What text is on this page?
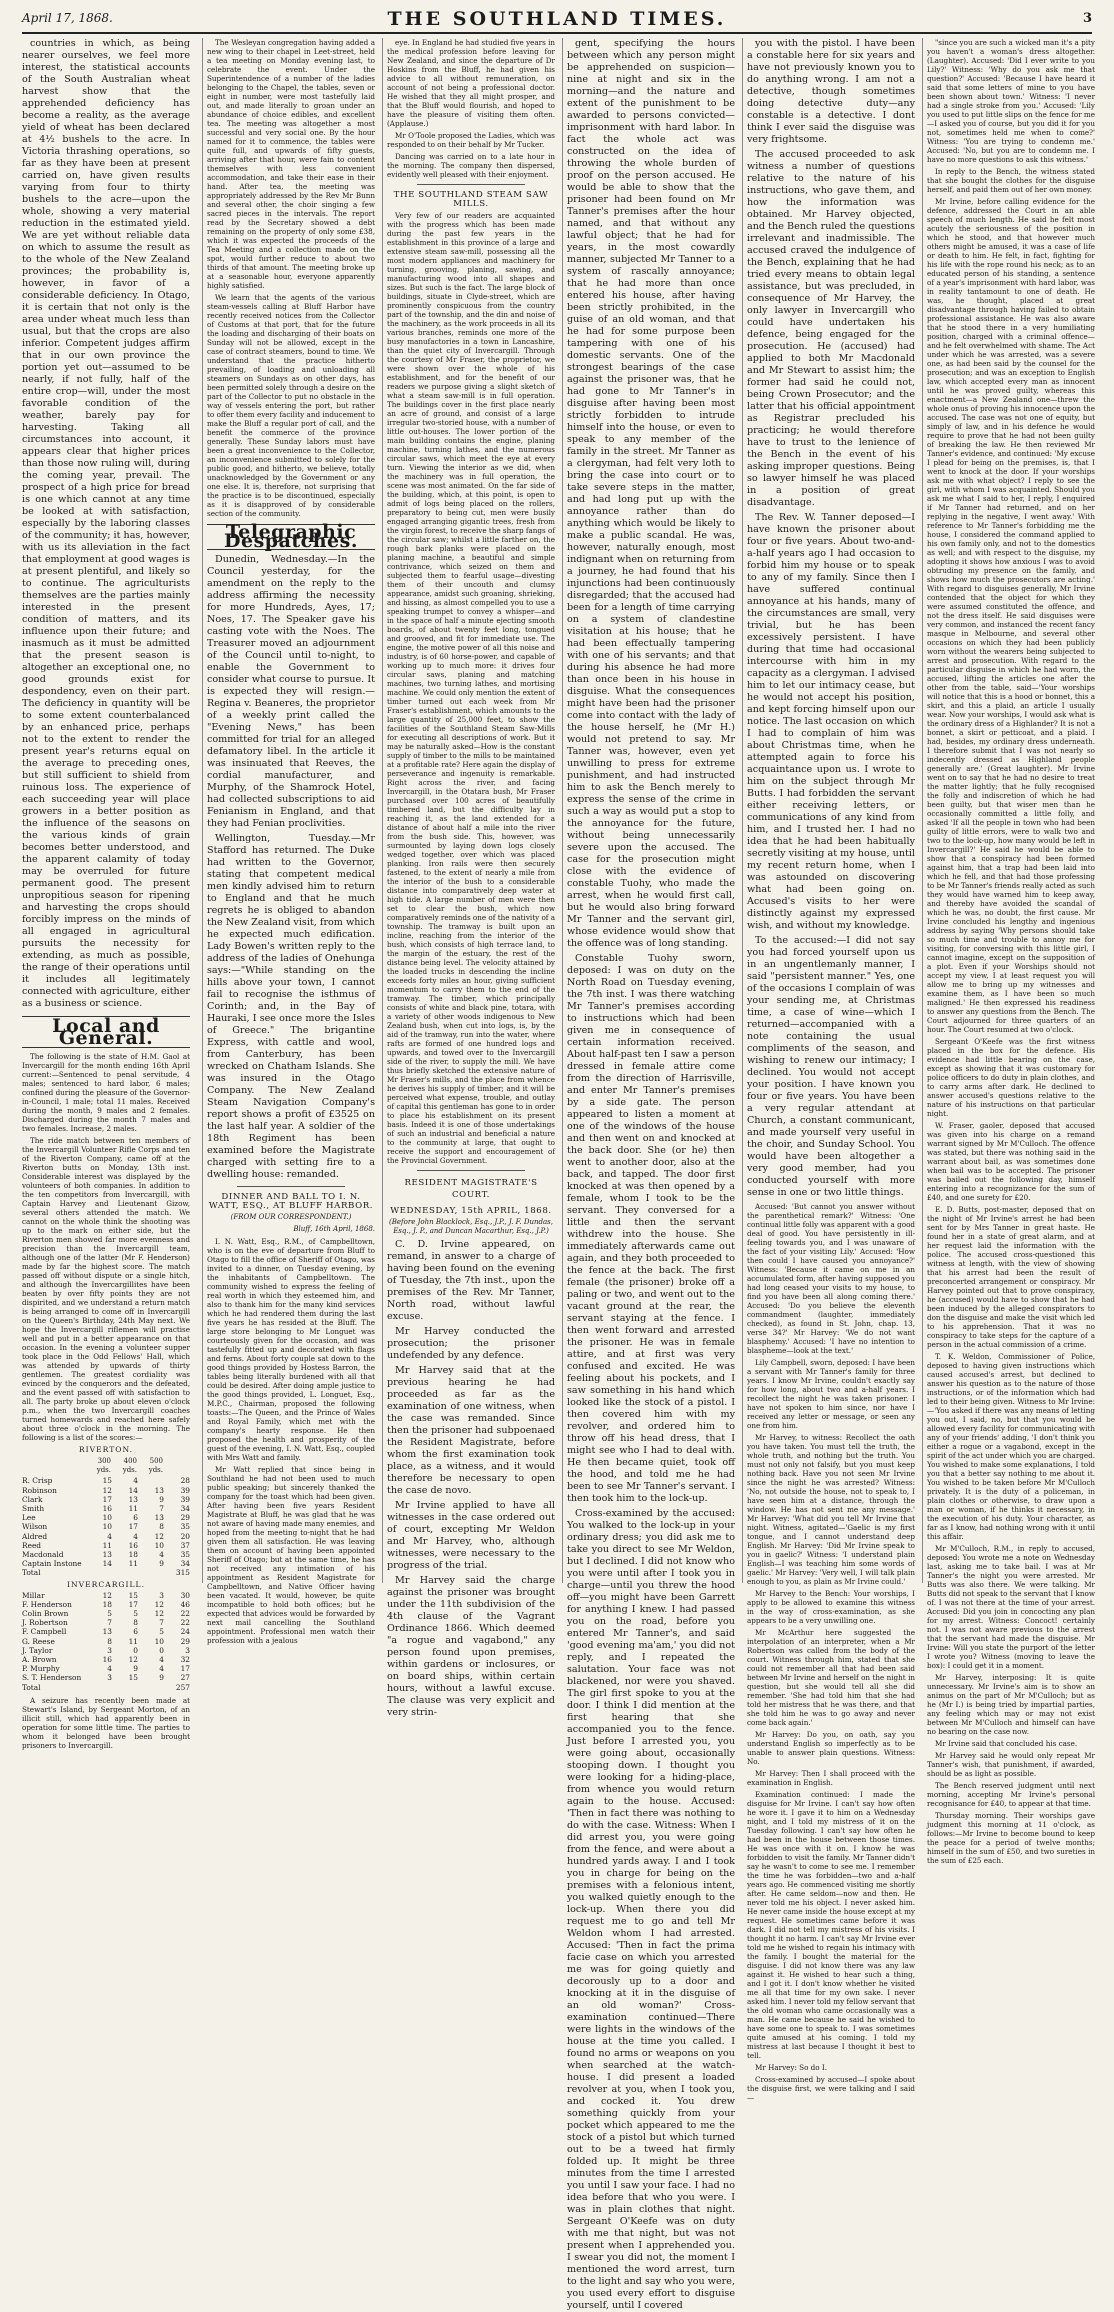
April 17, 1868.	THE SOUTHLAND TIMES.	3

countries in which, as being nearer ourselves, we feel more interest, the statistical accounts of the South Australian wheat harvest show that the apprehended deficiency has become a reality, as the average yield of wheat has been declared at 4½ bushels to the acre. In Victoria thrashing operations, so far as they have been at present carried on, have given results varying from four to thirty bushels to the acre—upon the whole, showing a very material reduction in the estimated yield. We are yet without reliable data on which to assume the result as to the whole of the New Zealand provinces; the probability is, however, in favor of a considerable deficiency. In Otago, it is certain that not only is the area under wheat much less than usual, but that the crops are also inferior. Competent judges affirm that in our own province the portion yet out—assumed to be nearly, if not fully, half of the entire crop—will, under the most favorable condition of the weather, barely pay for harvesting. Taking all circumstances into account, it appears clear that higher prices than those now ruling will, during the coming year, prevail. The prospect of a high price for bread is one which cannot at any time be looked at with satisfaction, especially by the laboring classes of the community; it has, however, with us its alleviation in the fact that employment at good wages is at present plentiful, and likely so to continue. The agriculturists themselves are the parties mainly interested in the present condition of matters, and its influence upon their future; and inasmuch as it must be admitted that the present season is altogether an exceptional one, no good grounds exist for despondency, even on their part. The deficiency in quantity will be to some extent counterbalanced by an enhanced price, perhaps not to the extent to render the present year's returns equal on the average to preceding ones, but still sufficient to shield from ruinous loss. The experience of each succeeding year will place growers in a better position as the influence of the seasons on the various kinds of grain becomes better understood, and the apparent calamity of today may be overruled for future permanent good. The present unpropitious season for ripening and harvesting the crops should forcibly impress on the minds of all engaged in agricultural pursuits the necessity for extending, as much as possible, the range of their operations until it includes all legitimately connected with agriculture, either as a business or science.

Local and General.

The following is the state of H.M. Gaol at Invercargill for the month ending 16th April current:—Sentenced to penal servitude, 4 males; sentenced to hard labor, 6 males; confined during the pleasure of the Governor-in-Council, 1 male; total 11 males. Received during the month, 9 males and 2 females. Discharged during the month 7 males and two females. Increase, 2 males.

The ride match between ten members of the Invercargill Volunteer Rifle Corps and ten of the Riverton Company, came off at the Riverton butts on Monday, 13th inst. Considerable interest was displayed by the volunteers of both companies. In addition to the ten competitors from Invercargill, with Captain Harvey and Lieutenant Gizow, several others attended the match. We cannot on the whole think the shooting was up to the mark on either side, but the Riverton men showed far more evenness and precision than the Invercargill team, although one of the latter (Mr F. Henderson) made by far the highest score. The match passed off without dispute or a single hitch, and although the Invercargillites have been beaten by over fifty points they are not dispirited, and we understand a return match is being arranged to come off in Invercargill on the Queen's Birthday, 24th May next. We hope the Invercargill riflemen will practise well and put in a better appearance on that occasion. In the evening a volunteer supper took place in the Odd Fellows' Hall, which was attended by upwards of thirty gentlemen. The greatest cordiality was evinced by the conquerors and the defeated, and the event passed off with satisfaction to all. The party broke up about eleven o'clock p.m., when the two Invercargill coaches turned homewards and reached here safely about three o'clock in the morning. The following is a list of the scores:—

RIVERTON.
	300 yds.	400 yds.	500 yds.	
R. Crisp	15	4		28
Robinson	12	14	13	39
Clark	17	13	9	39
Smith	16	11	7	34
Lee	10	6	13	29
Wilson	10	17	8	35
Aldred	4	4	12	20
Reed	11	16	10	37
Macdonald	13	18	4	35
Captain Instone	14	11	9	34
Total				315
INVERCARGILL.
Millar	12	15	3	30
F. Henderson	18	17	12	46
Colin Brown	5	5	12	22
J. Robertson	7	8	7	22
F. Campbell	13	6	5	24
G. Reese	8	11	10	29
J. Taylor	3	0	0	3
A. Brown	16	12	4	32
P. Murphy	4	9	4	17
S. T. Henderson	3	15	9	27
Total				257

A seizure has recently been made at Stewart's Island, by Sergeant Morton, of an illicit still, which had apparently been in operation for some little time. The parties to whom it belonged have been brought prisoners to Invercargill.

The Wesleyan congregation having added a new wing to their chapel in Leet-street, held a tea meeting on Monday evening last, to celebrate the event. Under the Superintendence of a number of the ladies belonging to the Chapel, the tables, seven or eight in number, were most tastefully laid out, and made literally to groan under an abundance of choice edibles, and excellent tea. The meeting was altogether a most successful and very social one. By the hour named for it to commence, the tables were quite full, and upwards of fifty guests, arriving after that hour, were fain to content themselves with less convenient accommodation, and take their ease in their hand. After tea, the meeting was appropriately addressed by the Rev Mr Bunn and several other, the choir singing a few sacred pieces in the intervals. The report read by the Secretary showed a debt remaining on the property of only some £38, which it was expected the proceeds of the Tea Meeting and a collection made on the spot, would further reduce to about two thirds of that amount. The meeting broke up at a seasonable hour, everyone apparently highly satisfied.

We learn that the agents of the various steam-vessels calling at Bluff Harbor have recently received notices from the Collector of Customs at that port, that for the future the loading and discharging of their boats on Sunday will not be allowed, except in the case of contract steamers, bound to time. We understand that the practice hitherto prevailing, of loading and unloading all steamers on Sundays as on other days, has been permitted solely through a desire on the part of the Collector to put no obstacle in the way of vessels entering the port, but rather to offer them every facility and inducement to make the Bluff a regular port of call, and the benefit the commerce of the province generally. These Sunday labors must have been a great inconvenience to the Collector, an inconvenience submitted to solely for the public good, and hitherto, we believe, totally unacknowledged by the Government or any one else. It is, therefore, not surprising that the practice is to be discontinued, especially as it is disapproved of by considerable section of the community.

Telegraphic Despatches.

Dunedin, Wednesday.—In the Council yesterday, for the amendment on the reply to the address affirming the necessity for more Hundreds, Ayes, 17; Noes, 17. The Speaker gave his casting vote with the Noes. The Treasurer moved an adjournment of the Council until to-night, to enable the Government to consider what course to pursue. It is expected they will resign.—Regina v. Beaneres, the proprietor of a weekly print called the "Evening News," has been committed for trial for an alleged defamatory libel. In the article it was insinuated that Reeves, the cordial manufacturer, and Murphy, of the Shamrock Hotel, had collected subscriptions to aid Fenianism in England, and that they had Fenian proclivities.

Wellington, Tuesday.—Mr Stafford has returned. The Duke had written to the Governor, stating that competent medical men kindly advised him to return to England and that he much regrets he is obliged to abandon the New Zealand visit, from which he expected much edification. Lady Bowen's written reply to the address of the ladies of Onehunga says:—"While standing on the hills above your town, I cannot fail to recognise the isthmus of Corinth; and, in the Bay of Hauraki, I see once more the Isles of Greece." The brigantine Express, with cattle and wool, from Canterbury, has been wrecked on Chatham Islands. She was insured in the Otago Company. The New Zealand Steam Navigation Company's report shows a profit of £3525 on the last half year. A soldier of the 18th Regiment has been examined before the Magistrate charged with setting fire to a dwelling house: remanded.

DINNER AND BALL TO I. N. WATT, ESQ., AT BLUFF HARBOR.
(FROM OUR CORRESPONDENT.)
Bluff, 16th April, 1868.

I. N. Watt, Esq., R.M., of Campbelltown, who is on the eve of departure from Bluff to Otago to fill the office of Sheriff of Otago, was invited to a dinner, on Tuesday evening, by the inhabitants of Campbelltown. The community wished to express the feeling of real worth in which they esteemed him, and also to thank him for the many kind services which he had rendered them during the last five years he has resided at the Bluff. The large store belonging to Mr Longuet was courteously given for the occasion, and was tastefully fitted up and decorated with flags and ferns. About forty couple sat down to the good things provided by Hostess Barron, the tables being literally burdened with all that could be desired. After doing ample justice to the good things provided, L. Longuet, Esq., M.P.C., Chairman, proposed the following toasts:—The Queen, and the Prince of Wales and Royal Family, which met with the company's hearty response. He then proposed the health and prosperity of the guest of the evening, I. N. Watt, Esq., coupled with Mrs Watt and family.

Mr Watt replied that since being in Southland he had not been used to much public speaking; but sincerely thanked the company for the toast which had been given. After having been five years Resident Magistrate at Bluff, he was glad that he was not aware of having made many enemies, and hoped from the meeting to-night that he had given them all satisfaction. He was leaving them on account of having been appointed Sheriff of Otago; but at the same time, he has not received any intimation of his appointment as Resident Magistrate for Campbelltown, and Native Officer having been vacated. It would, however, be quite incompatible to hold both offices; but he expected that advices would be forwarded by next mail cancelling the Southland appointment. Professional men watch their profession with a jealous

eye. In England he had studied five years in the medical profession before leaving for New Zealand, and since the departure of Dr Hoskins from the Bluff, he had given his advice to all without remuneration, on account of not being a professional doctor. He wished that they all might prosper, and that the Bluff would flourish, and hoped to have the pleasure of visiting them often. (Applause.)

Mr O'Toole proposed the Ladies, which was responded to on their behalf by Mr Tucker.

Dancing was carried on to a late hour in the morning. The company then dispersed, evidently well pleased with their enjoyment.

THE SOUTHLAND STEAM SAW MILLS.

Very few of our readers are acquainted with the progress which has been made during the past few years in the establishment in this province of a large and extensive steam saw-mill, possessing all the most modern appliances and machinery for turning, grooving, planing, sawing, and manufacturing wood into all shapes and sizes. But such is the fact. The large block of buildings, situate in Clyde-street, which are prominently conspicuous from the country part of the township, and the din and noise of the machinery, as the work proceeds in all its various branches, reminds one more of the busy manufactories in a town in Lancashire, than the quiet city of Invercargill. Through the courtesy of Mr Fraser, the proprietor, we were shown over the whole of his establishment, and for the benefit of our readers we purpose giving a slight sketch of what a steam saw-mill is in full operation. The buildings cover in the first place nearly an acre of ground, and consist of a large irregular two-storied house, with a number of little out-houses. The lower portion of the main building contains the engine, planing machine, turning lathes, and the numerous circular saws, which meet the eye at every turn. Viewing the interior as we did, when the machinery was in full operation, the scene was most animated. On the far side of the building, which, at this point, is open to admit of logs being placed on the rollers, preparatory to being cut, men were busily engaged arranging gigantic trees, fresh from the virgin forest, to receive the sharp fangs of the circular saw; whilst a little farther on, the rough bark planks were placed on the planing machine, a beautiful and simple contrivance, which seized on them and subjected them to fearful usage—divesting them of their uncouth and clumsy appearance, amidst such groaning, shrieking, and hissing, as almost compelled you to use a speaking trumpet to convey a whisper—and in the space of half a minute ejecting smooth boards, of about twenty feet long, tongued and grooved, and fit for immediate use. The engine, the motive power of all this noise and industry, is of 60 horse-power, and capable of working up to much more: it drives four circular saws, planing and matching machines, two turning lathes, and mortising machine. We could only mention the extent of timber turned out each week from Mr Fraser's establishment, which amounts to the large quantity of 25,000 feet, to show the facilities of the Southland Steam Saw-Mills for executing all descriptions of work. But it may be naturally asked—How is the constant supply of timber to the mills to be maintained at a profitable rate? Here again the display of perseverance and ingenuity is remarkable. Right across the river, and facing Invercargill, in the Otatara bush, Mr Fraser purchased over 100 acres of beautifully timbered land, but the difficulty lay in reaching it, as the land extended for a distance of about half a mile into the river from the bush side. This, however, was surmounted by laying down logs closely wedged together, over which was placed planking. Iron rails were then securely fastened, to the extent of nearly a mile from the interior of the bush to a considerable distance into comparatively deep water at high tide. A large number of men were then set to clear the bush, which now comparatively reminds one of the nativity of a township. The tramway is built upon an incline, reaching from the interior of the bush, which consists of high terrace land, to the margin of the estuary, the rest of the distance being level. The velocity attained by the loaded trucks in descending the incline exceeds forty miles an hour, giving sufficient momentum to carry them to the end of the tramway. The timber, which principally consists of white and black pine, totara, with a variety of other woods indigenous to New Zealand bush, when cut into logs, is, by the aid of the tramway, run into the water, where rafts are formed of one hundred logs and upwards, and towed over to the Invercargill side of the river, to supply the mill. We have thus briefly sketched the extensive nature of Mr Fraser's mills, and the place from whence he derives his supply of timber; and it will be perceived what expense, trouble, and outlay of capital this gentleman has gone to in order to place his establishment on its present basis. Indeed it is one of those undertakings of such an industrial and beneficial a nature to the community at large, that ought to receive the support and encouragement of the Provincial Government.

RESIDENT MAGISTRATE'S COURT.
WEDNESDAY, 15th APRIL, 1868.
(Before John Blacklock, Esq., J.P., J. F. Dundas, Esq., J. P., and Duncan Macarthur, Esq., J.P.)

C. D. Irvine appeared, on remand, in answer to a charge of having been found on the evening of Tuesday, the 7th inst., upon the premises of the Rev. Mr Tanner, North road, without lawful excuse.

Mr Harvey conducted the prosecution; the prisoner undefended by any defence.

Mr Harvey said that at the previous hearing he had proceeded as far as the examination of one witness, when the case was remanded. Since then the prisoner had subpoenaed the Resident Magistrate, before whom the first examination took place, as a witness, and it would therefore be necessary to open the case de novo.

Mr Irvine applied to have all witnesses in the case ordered out of court, excepting Mr Weldon and Mr Harvey, who, although witnesses, were necessary to the progress of the trial.

Mr Harvey said the charge against the prisoner was brought under the 11th subdivision of the 4th clause of the Vagrant Ordinance 1866. Which deemed "a rogue and vagabond," any person found upon premises, within gardens or inclosures, or on board ships, within certain hours, without a lawful excuse. The clause was very explicit and very strin-

gent, specifying the hours between which any person might be apprehended on suspicion—nine at night and six in the morning—and the nature and extent of the punishment to be awarded to persons convicted—imprisonment with hard labor. In fact the whole act was constructed on the idea of throwing the whole burden of proof on the person accused. He would be able to show that the prisoner had been found on Mr Tanner's premises after the hour named, and that without any lawful object; that he had for years, in the most cowardly manner, subjected Mr Tanner to a system of rascally annoyance; that he had more than once entered his house, after having been strictly prohibited, in the guise of an old woman, and that he had for some purpose been tampering with one of his domestic servants. One of the strongest bearings of the case against the prisoner was, that he had gone to Mr Tanner's in disguise after having been most strictly forbidden to intrude himself into the house, or even to speak to any member of the family in the street. Mr Tanner as a clergyman, had felt very loth to bring the case into court or to take severe steps in the matter, and had long put up with the annoyance rather than do anything which would be likely to make a public scandal. He was, however, naturally enough, most indignant when on returning from a journey, he had found that his injunctions had been continuously disregarded; that the accused had been for a length of time carrying on a system of clandestine visitation at his house; that he had been effectually tampering with one of his servants; and that during his absence he had more than once been in his house in disguise. What the consequences might have been had the prisoner come into contact with the lady of the house herself, he (Mr H.) would not pretend to say. Mr Tanner was, however, even yet unwilling to press for extreme punishment, and had instructed him to ask the Bench merely to express the sense of the crime in such a way as would put a stop to the annoyance for the future, without being unnecessarily severe upon the accused. The case for the prosecution might close with the evidence of constable Tuohy, who made the arrest, when he would first call, but he would also bring forward Mr Tanner and the servant girl, whose evidence would show that the offence was of long standing.

Constable Tuohy sworn, deposed: I was on duty on the North Road on Tuesday evening, the 7th inst. I was there watching Mr Tanner's premises according to instructions which had been given me in consequence of certain information received. About half-past ten I saw a person dressed in female attire come from the direction of Harrisville, and enter Mr Tanner's premises by a side gate. The person appeared to listen a moment at one of the windows of the house and then went on and knocked at the back door. She (or he) then went to another door, also at the back, and tapped. The door first knocked at was then opened by a female, whom I took to be the servant. They conversed for a little and then the servant withdrew into the house. She immediately afterwards came out again, and they both proceeded to the fence at the back. The first female (the prisoner) broke off a paling or two, and went out to the vacant ground at the rear, the servant staying at the fence. I then went forward and arrested the prisoner. He was in female attire, and at first was very confused and excited. He was feeling about his pockets, and I saw something in his hand which looked like the stock of a pistol. I then covered him with my revolver, and ordered him to throw off his head dress, that I might see who I had to deal with. He then became quiet, took off the hood, and told me he had been to see Mr Tanner's servant. I then took him to the lock-up.

Cross-examined by the accused: You walked to the lock-up in your ordinary dress; you did ask me to take you direct to see Mr Weldon, but I declined. I did not know who you were until after I took you in charge—until you threw the hood off—you might have been Garrett for anything I knew. I had passed you on the road, before you entered Mr Tanner's, and said 'good evening ma'am,' you did not reply, and I repeated the salutation. Your face was not blackened, nor were you shaved. The girl first spoke to you at the door. I think I did mention at the first hearing that she accompanied you to the fence. Just before I arrested you, you were going about, occasionally stooping down. I thought you were looking for a hiding-place, from whence you would return again to the house. Accused: 'Then in fact there was nothing to do with the case. Witness: When I did arrest you, you were going from the fence, and were about a hundred yards away. I and I took you in charge for being on the premises with a felonious intent, you walked quietly enough to the lock-up. When there you did request me to go and tell Mr Weldon whom I had arrested. Accused: 'Then in fact the prima facie case on which you arrested me was for going quietly and decorously up to a door and knocking at it in the disguise of an old woman?' Cross-examination continued—There were lights in the windows of the house at the time you called. I found no arms or weapons on you when searched at the watch-house. I did present a loaded revolver at you, when I took you, and cocked it. You drew something quickly from your pocket which appeared to me the stock of a pistol but which turned out to be a tweed hat firmly folded up. It might be three minutes from the time I arrested you until I saw your face. I had no idea before that who you were. I was in plain clothes that night. Sergeant O'Keefe was on duty with me that night, but was not present when I apprehended you. I swear you did not, the moment I mentioned the word arrest, turn to the light and say who you were, you used every effort to disguise yourself, until I covered

you with the pistol. I have been a constable here for six years and have not previously known you to do anything wrong. I am not a detective, though sometimes doing detective duty—any constable is a detective. I dont think I ever said the disguise was very frightsome.

The accused proceeded to ask witness a number of questions relative to the nature of his instructions, who gave them, and how the information was obtained. Mr Harvey objected, and the Bench ruled the questions irrelevant and inadmissible. The accused craved the indulgence of the Bench, explaining that he had tried every means to obtain legal assistance, but was precluded, in consequence of Mr Harvey, the only lawyer in Invercargill who could have undertaken his defence, being engaged for the prosecution. He (accused) had applied to both Mr Macdonald and Mr Stewart to assist him; the former had said he could not, being Crown Prosecutor; and the latter that his official appointment as Registrar precluded his practicing; he would therefore have to trust to the lenience of the Bench in the event of his asking improper questions. Being so lawyer himself he was placed in a position of great disadvantage.

The Rev. W. Tanner deposed—I have known the prisoner about four or five years. About two-and-a-half years ago I had occasion to forbid him my house or to speak to any of my family. Since then I have suffered continual annoyance at his hands, many of the circumstances are small, very trivial, but he has been excessively persistent. I have during that time had occasional intercourse with him in my capacity as a clergyman. I advised him to let our intimacy cease, but he would not accept his position, and kept forcing himself upon our notice. The last occasion on which I had to complain of him was about Christmas time, when he attempted again to force his acquaintance upon us. I wrote to him on the subject through Mr Butts. I had forbidden the servant either receiving letters, or communications of any kind from him, and I trusted her. I had no idea that he had been habitually secretly visiting at my house, until my recent return home, when I was astounded on discovering what had been going on. Accused's visits to her were distinctly against my expressed wish, and without my knowledge.

To the accused:—I did not say you had forced yourself upon us in an ungentlemanly manner, I said "persistent manner." Yes, one of the occasions I complain of was your sending me, at Christmas time, a case of wine—which I returned—accompanied with a note containing the usual compliments of the season, and wishing to renew our intimacy; I declined. You would not accept your position. I have known you four or five years. You have been a very regular attendant at Church, a constant communicant, and made yourself very useful in the choir, and Sunday School. You would have been altogether a very good member, had you conducted yourself with more sense in one or two little things.

Accused: 'But cannot you answer without the parenthetical remark?' Witness: 'One continual little folly was apparent with a good deal of good. You have persistently in ill-feeling towards you, and I was unaware of the fact of your visiting Lily.' Accused: 'How then could I have caused you annoyance?' Witness: 'Because it came on me in an accumulated form, after having supposed you had long ceased your visits to my house, to find you have been all along coming there.' Accused: 'Do you believe the eleventh commandment (laughter, immediately checked), as found in St. John, chap. 13, verse 34?' Mr Harvey: 'We do not want blasphemy.' Accused: 'I have no intention to blaspheme—look at the text.'

Lily Campbell, sworn, deposed: I have been a servant with Mr Tanner's family for three years. I know Mr Irvine, couldn't exactly say for how long, about two and a-half years. I recollect the night he was taken prisoner. I have not spoken to him since, nor have I received any letter or message, or seen any one from him.

Mr Harvey, to witness: Recollect the oath you have taken. You must tell the truth, the whole truth, and nothing but the truth. You must not only not falsify, but you must keep nothing back. Have you not seen Mr Irvine since the night he was arrested? Witness: 'No, not outside the house, not to speak to, I have seen him at a distance, through the window. He has not sent me any message.' Mr Harvey: 'What did you tell Mr Irvine that night. Witness, agitated—'Gaelic is my first tongue, and I cannot understand deep English. Mr Harvey: 'Did Mr Irvine speak to you in gaelic?' Witness: 'I understand plain English—I was teaching him some words of gaelic.' Mr Harvey: 'Very well, I will talk plain enough to you, as plain as Mr Irvine could.'

Mr Harvey to the Bench: Your worships, I apply to be allowed to examine this witness in the way of cross-examination, as she appears to be a very unwilling one.

Mr McArthur here suggested the interpolation of an interpreter, when a Mr Robertson was called from the body of the court. Witness through him, stated that she could not remember all that had been said between Mr Irvine and herself on the night in question, but she would tell all she did remember. 'She had told him that she had told her mistress that he was there, and that she told him he was to go away and never come back again.'

Mr Harvey: Do you, on oath, say you understand English so imperfectly as to be unable to answer plain questions. Witness: No.

Mr Harvey: Then I shall proceed with the examination in English.

Examination continued: I made the disguise for Mr Irvine. I can't say how often he wore it. I gave it to him on a Wednesday night, and I told my mistress of it on the Tuesday following. I can't say how often he had been in the house between those times. He was once with it on. I know he was forbidden to visit the family. Mr Tanner didn't say he wasn't to come to see me. I remember the time he was forbidden—two and a-half years ago. He commenced visiting me shortly after. He came seldom—now and then. He never told me his object. I never asked him. He never came inside the house except at my request. He sometimes came before it was dark. I did not tell my mistress of his visits. I thought it no harm. I can't say Mr Irvine ever told me he wished to regain his intimacy with the family. I bought the material for the disguise. I did not know there was any law against it. He wished to hear such a thing, and I got it. I don't know whether he visited me all that time for my own sake. I never asked him. I never told my fellow servant that the old woman who came occasionally was a man. He came because he said he wished to have some one to speak to. I was sometimes quite amused at his coming. I told my mistress at last because I thought it best to tell.

Mr Harvey: So do I.

Cross-examined by accused—I spoke about the disguise first, we were talking and I said—

"since you are such a wicked man it's a pity you haven't a woman's dress altogether. (Laughter). Accused: 'Did I ever write to you Lily?' Witness: 'Why do you ask me that question?' Accused: 'Because I have heard it said that some letters of mine to you have been shown about town.' Witness: 'I never had a single stroke from you.' Accused: 'Lily you used to put little slips on the fence for me—I asked you of course, but you did it for you not, sometimes held me when to come?' Witness: 'You are trying to condemn me.' Accused: 'No, but you are to condemn me. I have no more questions to ask this witness.'

In reply to the Bench, the witness stated that she bought the clothes for the disguise herself, and paid them out of her own money.

Mr Irvine, before calling evidence for the defence, addressed the Court in an able speech of much length. He said he felt most acutely the seriousness of the position in which he stood, and that however much others might be amused, it was a case of life or death to him. He felt, in fact, fighting for his life with the rope round his neck; as to an educated person of his standing, a sentence of a year's imprisonment with hard labor, was in reality tantamount to one of death. He was, he thought, placed at great disadvantage through having failed to obtain professional assistance. He was also aware that he stood there in a very humiliating position, charged with a criminal offence—and he felt overwhelmed with shame. The Act under which he was arrested, was a severe one, as had been said by the counsel for the prosecution; and was an exception to English law, which accepted every man as innocent until he was proved guilty, whereas this enactment—a New Zealand one—threw the whole onus of proving his innocence upon the accused. The case was not one of equity, but simply of law, and in his defence he would require to prove that he had not been guilty of breaking the law. He then reviewed Mr Tanner's evidence, and continued: 'My excuse I plead for being on the premises, is, that I went to knock at the door. If your worships ask me with what object? I reply to see the girl, with whom I was acquainted. Should you ask me what I said to her, I reply, I enquired if Mr Tanner had returned, and on her replying in the negative, I went away.' With reference to Mr Tanner's forbidding me the house, I considered the command applied to his own family only, and not to the domestics as well; and with respect to the disguise, my adopting it shows how anxious I was to avoid obtruding my presence on the family, and shows how much the prosecutors are acting.' With regard to disguises generally, Mr Irvine contended that the object for which they were assumed constituted the offence, and not the dress itself. He said disguises were very common, and instanced the recent fancy masque in Melbourne, and several other occasions on which they had been publicly worn without the wearers being subjected to arrest and prosecution. With regard to the particular disguise in which he had worn, the accused, lifting the articles one after the other from the table, said—'Your worships will notice that this is a hood or bonnet, this a skirt, and this a plaid, an article I usually wear. Now your worships, I would ask what is the ordinary dress of a Highlander? It is not a bonnet, a skirt or petticoat, and a plaid. I had, besides, my ordinary dress underneath. I therefore submit that I was not nearly so indecently dressed as Highland people generally are.' (Great laughter). Mr Irvine went on to say that he had no desire to treat the matter lightly; that he fully recognised the folly and indiscretion of which he had been guilty, but that wiser men than he occasionally committed a little folly, and asked 'If all the people in town who had been guilty of little errors, were to walk two and two to the lock-up, how many would be left in Invercargill?' He said he would be able to show that a conspiracy had been formed against him, that a trap had been laid into which he fell, and that had those professing to be Mr Tanner's friends really acted as such they would have warned him to keep away, and thereby have avoided the scandal of which he was, no doubt, the first cause. Mr Irvine concluded his lengthy and ingenious address by saying 'Why persons should take so much time and trouble to annoy me for visiting, for conversing with this little girl, I cannot imagine, except on the supposition of a plot. Even if your Worships should not accept my view, I at least request you will allow me to bring up my witnesses and examine them, as I have been so much maligned.' He then expressed his readiness to answer any questions from the Bench. The Court adjourned for three quarters of an hour. The Court resumed at two o'clock.

Sergeant O'Keefe was the first witness placed in the box for the defence. His evidence had little bearing on the case, except as showing that it was customary for police officers to do duty in plain clothes, and to carry arms after dark. He declined to answer accused's questions relative to the nature of his instructions on that particular night.

W. Fraser, gaoler, deposed that accused was given into his charge on a remand warrant signed by Mr M'Culloch. The offence was stated, but there was nothing said in the warrant about bail, as was sometimes done when bail was to be accepted. The prisoner was bailed out the following day, himself entering into a recognizance for the sum of £40, and one surety for £20.

E. D. Butts, post-master, deposed that on the night of Mr Irvine's arrest he had been sent for by Mrs Tanner in great haste. He found her in a state of great alarm, and at her request laid the information with the police. The accused cross-questioned this witness at length, with the view of showing that his arrest had been the result of preconcerted arrangement or conspiracy. Mr Harvey pointed out that to prove conspiracy, he (accused) would have to show that he had been induced by the alleged conspirators to don the disguise and make the visit which led to his apprehension. That it was no conspiracy to take steps for the capture of a person in the actual commission of a crime.

T. K. Weldon, Commissioner of Police, deposed to having given instructions which caused accused's arrest, but declined to answer his question as to the nature of those instructions, or of the information which had led to their being given. Witness to Mr Irvine:—'You asked if there was any means of letting you out, I said, no, but that you would be allowed every facility for communicating with any of your friends' adding, 'I don't think you either a rogue or a vagabond, except in the spirit of the act under which you are charged. You wished to make some explanations, I told you that a better say nothing to me about it. You wished to be taken before Mr M'Culloch privately. It is the duty of a policeman, in plain clothes or otherwise, to draw upon a man or woman, if he thinks it necessary, in the execution of his duty. Your character, as far as I know, had nothing wrong with it until this affair.

Mr M'Culloch, R.M., in reply to accused, deposed: You wrote me a note on Wednesday last, asking me to take bail. I was at Mr Tanner's the night you were arrested. Mr Butts was also there. We were talking. Mr Butts did not speak to the servant that I know of. I was not there at the time of your arrest. Accused: Did you join in concocting any plan for my arrest. Witness: Concoct! certainly not. I was not aware previous to the arrest that the servant had made the disguise. Mr Irvine: Will you state the purport of the letter I wrote you? Witness (moving to leave the box): I could get it in a moment.

Mr Harvey, interposing: It is quite unnecessary. Mr Irvine's aim is to show an animus on the part of Mr M'Culloch; but as he (Mr I.) is being tried by impartial parties, any feeling which may or may not exist between Mr M'Culloch and himself can have no bearing on the case now.

Mr Irvine said that concluded his case.

Mr Harvey said he would only repeat Mr Tanner's wish, that punishment, if awarded, should be as light as possible.

The Bench reserved judgment until next morning, accepting Mr Irvine's personal recognisance for £40, to appear at that time.

Thursday morning. Their worships gave judgment this morning at 11 o'clock, as follows:—Mr Irvine to become bound to keep the peace for a period of twelve months; himself in the sum of £50, and two sureties in the sum of £25 each.
